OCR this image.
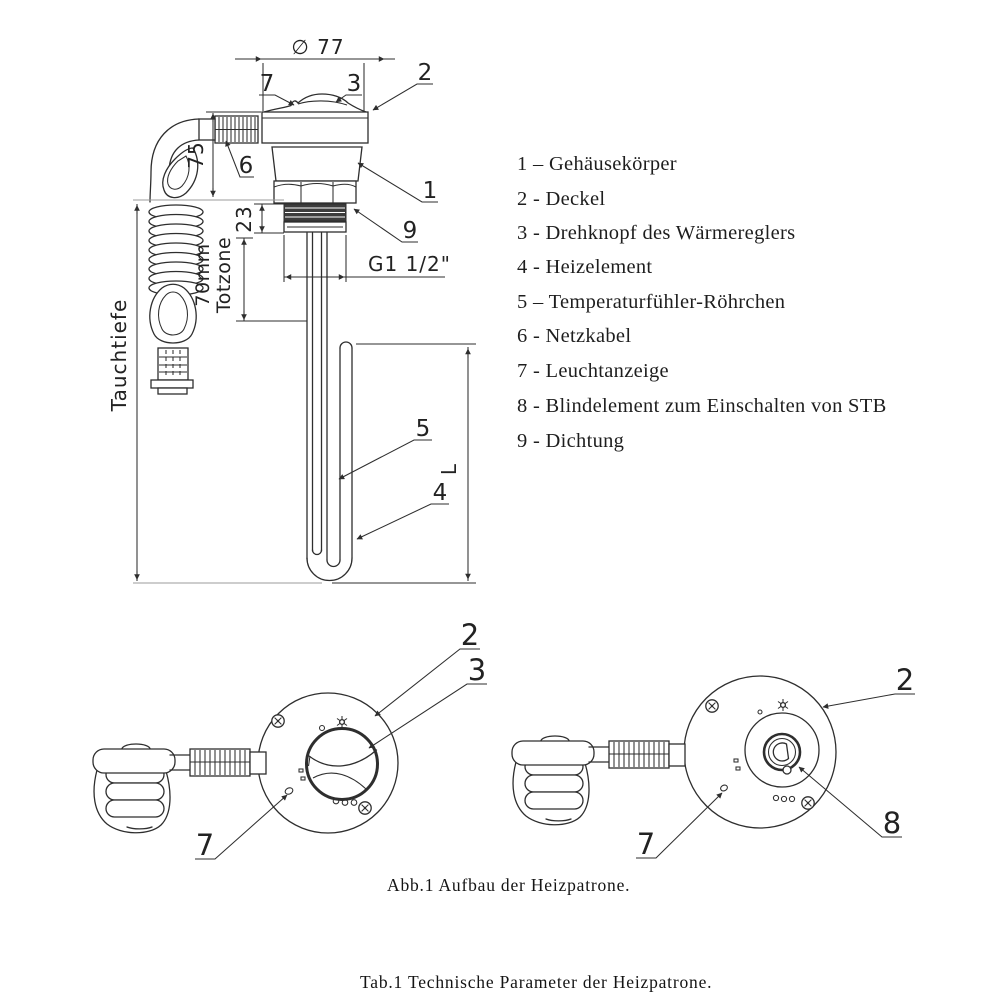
∅ 77
75
23
70mm Totzone
Tauchtiefe
G1 1/2"
L
7	3 2
6
1
9
5
4
1 – Gehäusekörper
2 - Deckel
3 - Drehknopf des Wärmereglers
4 - Heizelement
5 – Temperaturfühler-Röhrchen
6 - Netzkabel
7 - Leuchtanzeige
8 - Blindelement zum Einschalten von STB
9 - Dichtung
2
3
7
2
8
7
Abb.1 Aufbau der Heizpatrone.
Tab.1 Technische Parameter der Heizpatrone.
